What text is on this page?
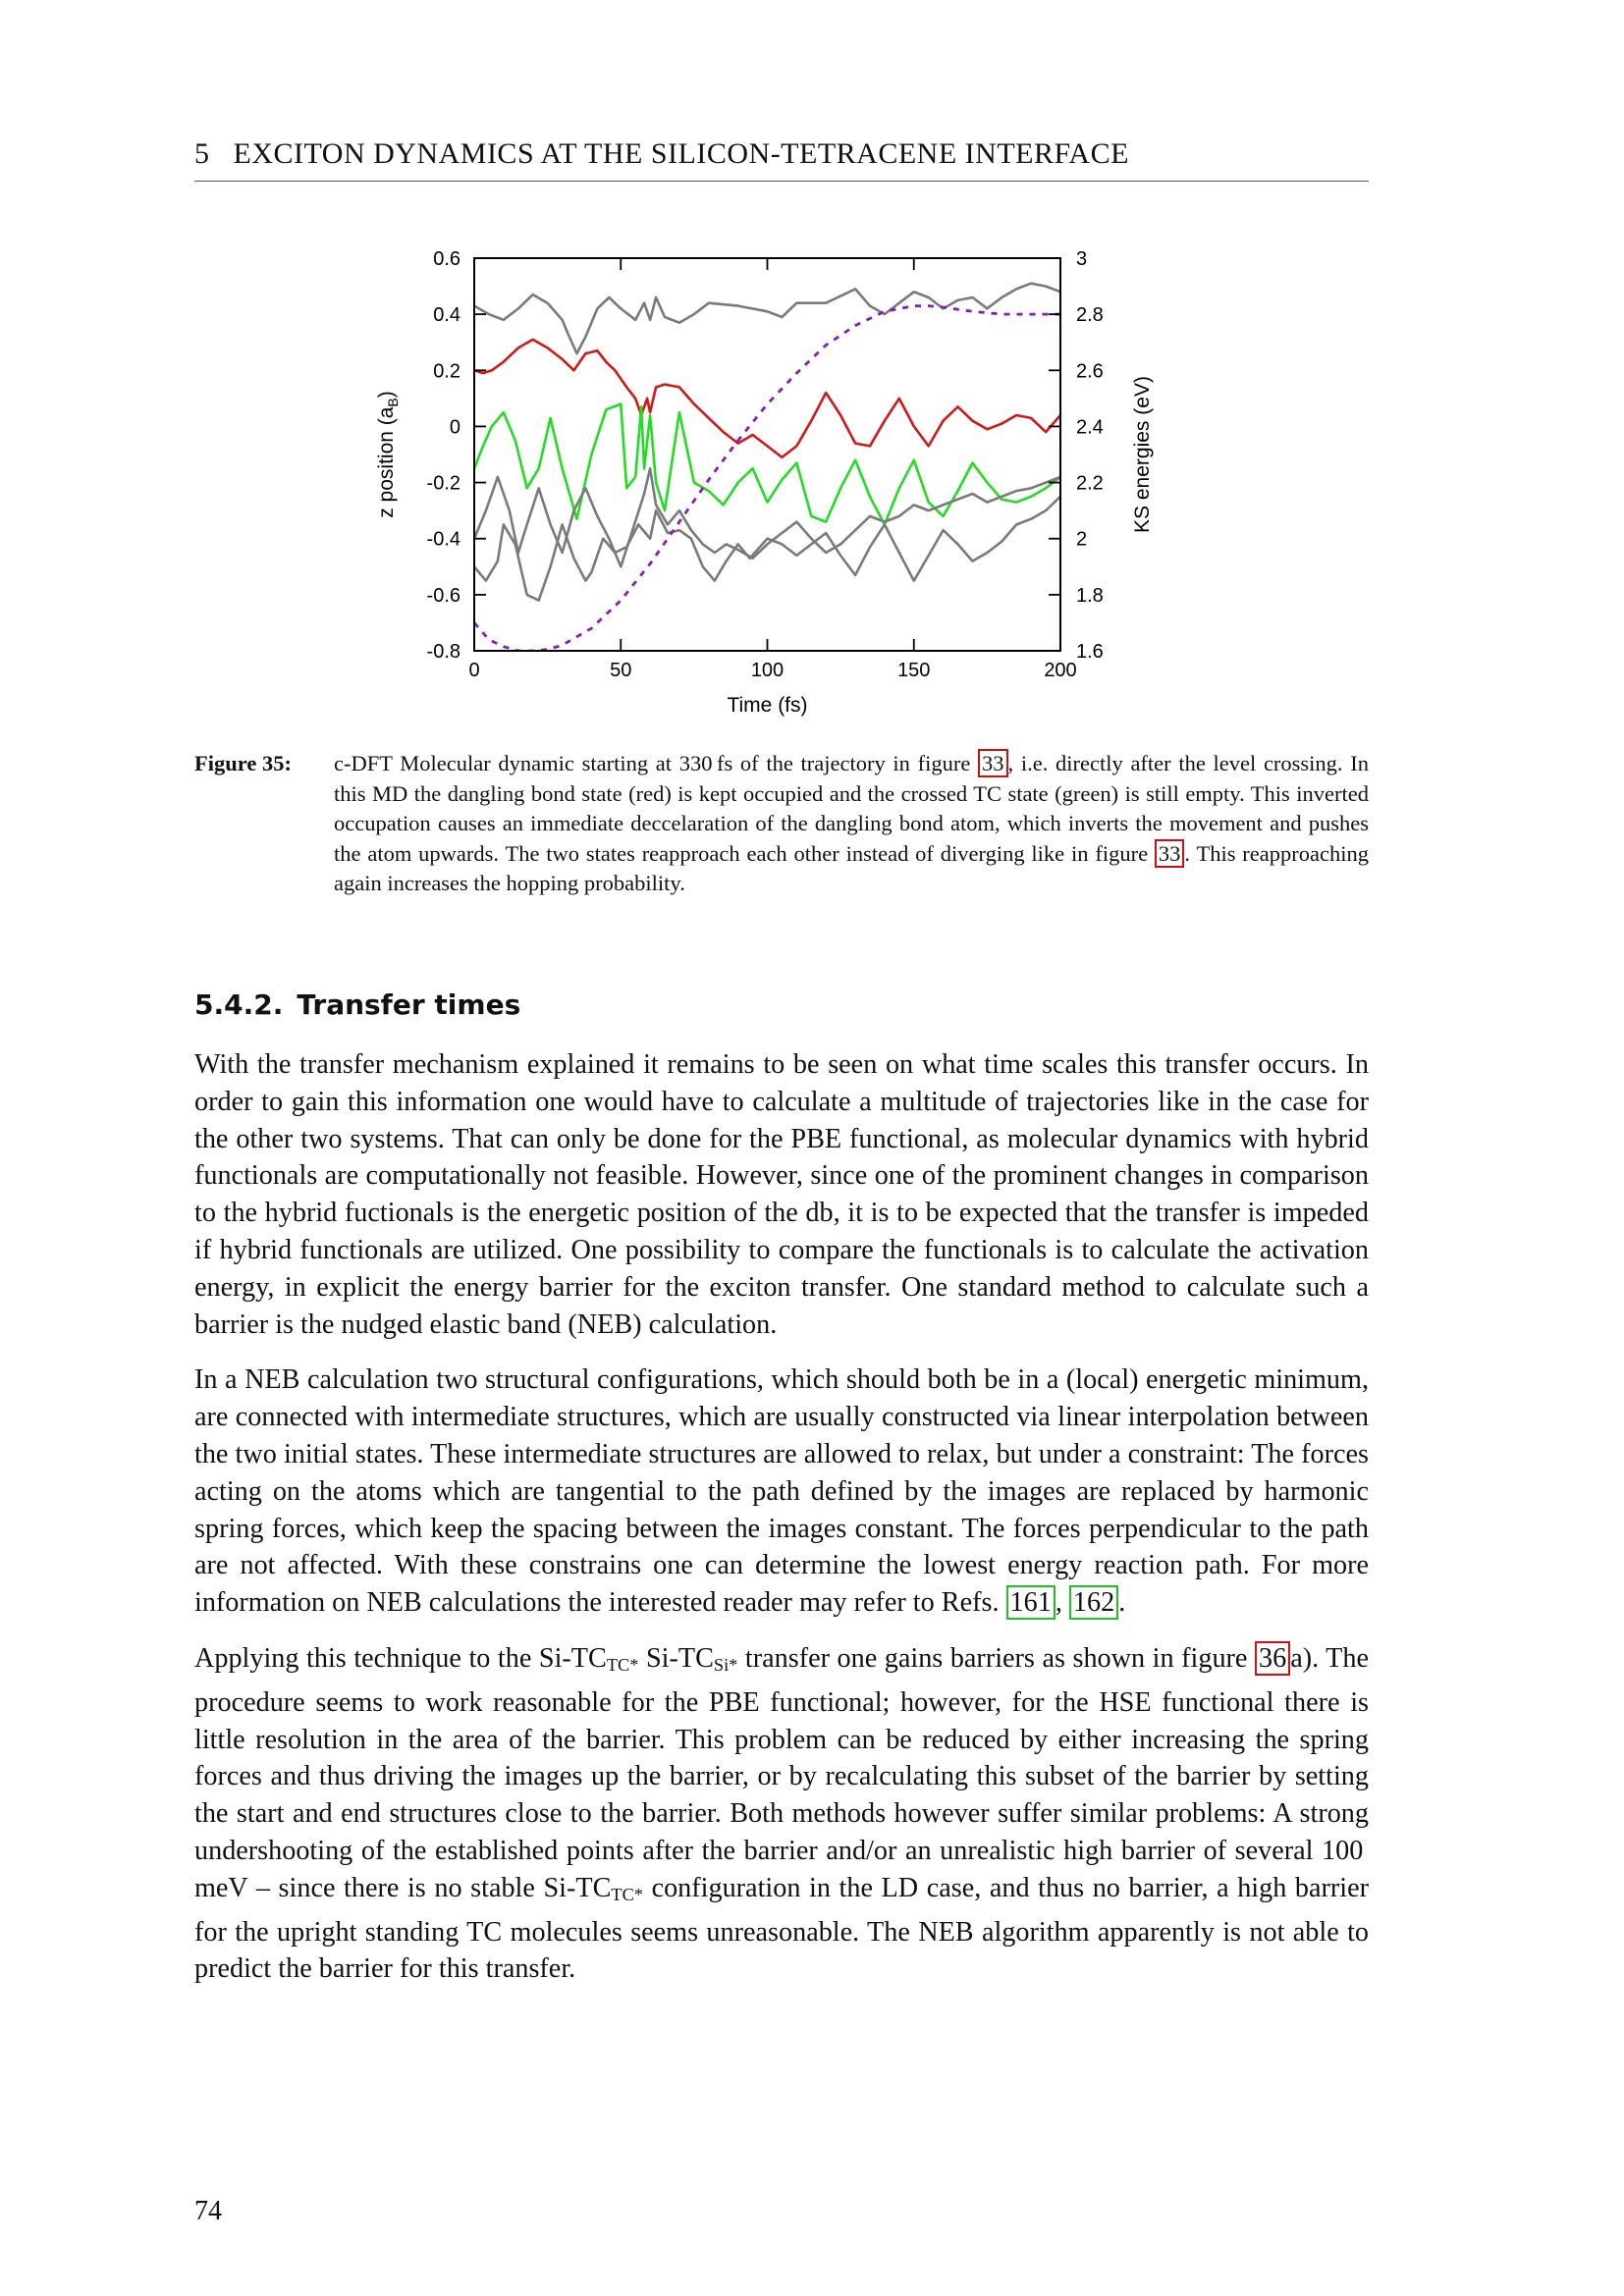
5 EXCITON DYNAMICS AT THE SILICON-TETRACENE INTERFACE
0	50	100	150	200
0.6
0.4
0.2
0
-0.2
-0.4
-0.6
-0.8
3
2.8
2.6
2.4
2.2
2
1.8
1.6
Time (fs)
z position $(a_B)$	KS energies (eV)
Figure 35:	c-DFT Molecular dynamic starting at 330 fs of the trajectory in figure 33 , i.e. directly after the level crossing. In this MD the dangling bond state (red) is kept occupied and the crossed TC state (green) is still empty. This inverted occupation causes an immediate deccelaration of the dangling bond atom, which inverts the movement and pushes the atom upwards. The two states reapproach each other instead of diverging like in figure 33 . This reapproaching again increases the hopping probability.
5.4.2. Transfer times

With the transfer mechanism explained it remains to be seen on what time scales this transfer occurs. In order to gain this information one would have to calculate a multitude of trajectories like in the case for the other two systems. That can only be done for the PBE functional, as molecular dynamics with hybrid functionals are computationally not feasible. However, since one of the prominent changes in comparison to the hybrid fuctionals is the energetic position of the db, it is to be expected that the transfer is impeded if hybrid functionals are utilized. One possibility to compare the functionals is to calculate the activation energy, in explicit the energy barrier for the exciton transfer. One standard method to calculate such a barrier is the nudged elastic band (NEB) calculation.

In a NEB calculation two structural configurations, which should both be in a (local) energetic minimum, are connected with intermediate structures, which are usually constructed via linear interpolation between the two initial states. These intermediate structures are allowed to relax, but under a constraint: The forces acting on the atoms which are tangential to the path defined by the images are replaced by harmonic spring forces, which keep the spacing between the images constant. The forces perpendicular to the path are not affected. With these constrains one can determine the lowest energy reaction path. For more information on NEB calculations the interested reader may refer to Refs. 161 , 162 .

Applying this technique to the $Si-TC_{TC*}$ $Si-TC_{Si*}$ transfer one gains barriers as shown in figure 36 a). The procedure seems to work reasonable for the PBE functional; however, for the HSE functional there is little resolution in the area of the barrier. This problem can be reduced by either increasing the spring forces and thus driving the images up the barrier, or by recalculating this subset of the barrier by setting the start and end structures close to the barrier. Both methods however suffer similar problems: A strong undershooting of the established points after the barrier and/or an unrealistic high barrier of several 100 meV – since there is no stable $Si-TC_{TC*}$ configuration in the LD case, and thus no barrier, a high barrier for the upright standing TC molecules seems unreasonable. The NEB algorithm apparently is not able to predict the barrier for this transfer.

74
